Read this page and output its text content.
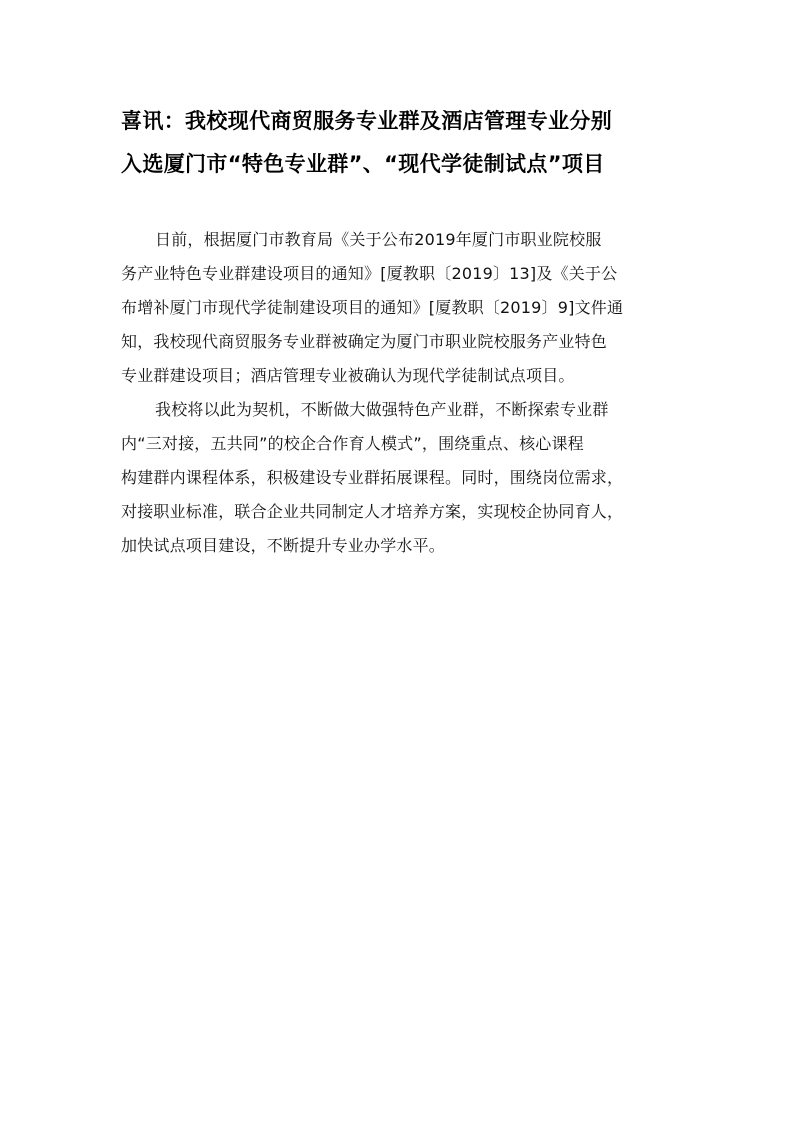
喜讯：我校现代商贸服务专业群及酒店管理专业分别
入选厦门市“特色专业群”、“现代学徒制试点”项目
日前，根据厦门市教育局《关于公布2019年厦门市职业院校服
务产业特色专业群建设项目的通知》[厦教职〔2019〕13]及《关于公
布增补厦门市现代学徒制建设项目的通知》[厦教职〔2019〕9]文件通
知，我校现代商贸服务专业群被确定为厦门市职业院校服务产业特色
专业群建设项目；酒店管理专业被确认为现代学徒制试点项目。
我校将以此为契机，不断做大做强特色产业群，不断探索专业群
内“三对接，五共同”的校企合作育人模式”，围绕重点、核心课程
构建群内课程体系，积极建设专业群拓展课程。同时，围绕岗位需求，
对接职业标准，联合企业共同制定人才培养方案，实现校企协同育人，
加快试点项目建设，不断提升专业办学水平。
